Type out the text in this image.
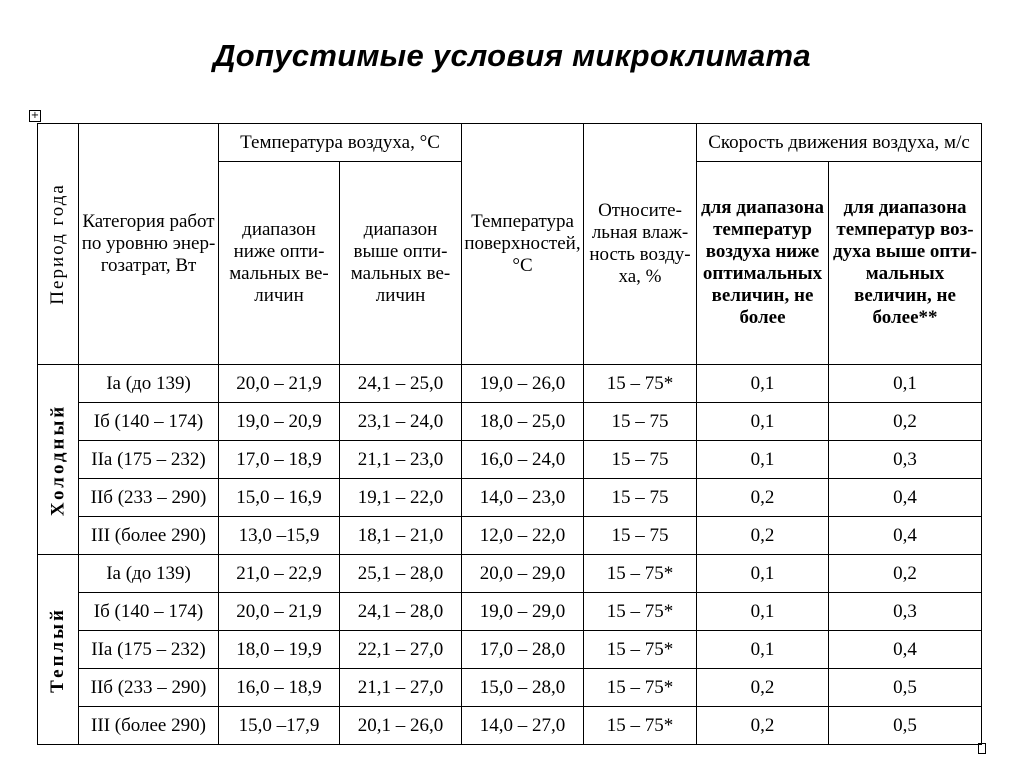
Допустимые условия микроклимата
+
Период года	Категория работ по уровню энер-гозатрат, Вт	Температура воздуха, °С		Температура поверхностей, °С	Относите-льная влаж-ность возду-ха, %	Скорость движения воздуха, м/с	
		диапазон ниже опти-мальных ве-личин	диапазон выше опти-мальных ве-личин			для диапазона температур воздуха ниже оптимальных величин, не более	для диапазона температур воз-духа выше опти-мальных величин, не более**

Холодный	Iа (до 139)	20,0 – 21,9	24,1 – 25,0	19,0 – 26,0	15 – 75*	0,1	0,1
	Iб (140 – 174)	19,0 – 20,9	23,1 – 24,0	18,0 – 25,0	15 – 75	0,1	0,2
	IIа (175 – 232)	17,0 – 18,9	21,1 – 23,0	16,0 – 24,0	15 – 75	0,1	0,3
	IIб (233 – 290)	15,0 – 16,9	19,1 – 22,0	14,0 – 23,0	15 – 75	0,2	0,4
	III (более 290)	13,0 –15,9	18,1 – 21,0	12,0 – 22,0	15 – 75	0,2	0,4

Теплый	Iа (до 139)	21,0 – 22,9	25,1 – 28,0	20,0 – 29,0	15 – 75*	0,1	0,2
	Iб (140 – 174)	20,0 – 21,9	24,1 – 28,0	19,0 – 29,0	15 – 75*	0,1	0,3
	IIа (175 – 232)	18,0 – 19,9	22,1 – 27,0	17,0 – 28,0	15 – 75*	0,1	0,4
	IIб (233 – 290)	16,0 – 18,9	21,1 – 27,0	15,0 – 28,0	15 – 75*	0,2	0,5
	III (более 290)	15,0 –17,9	20,1 – 26,0	14,0 – 27,0	15 – 75*	0,2	0,5
